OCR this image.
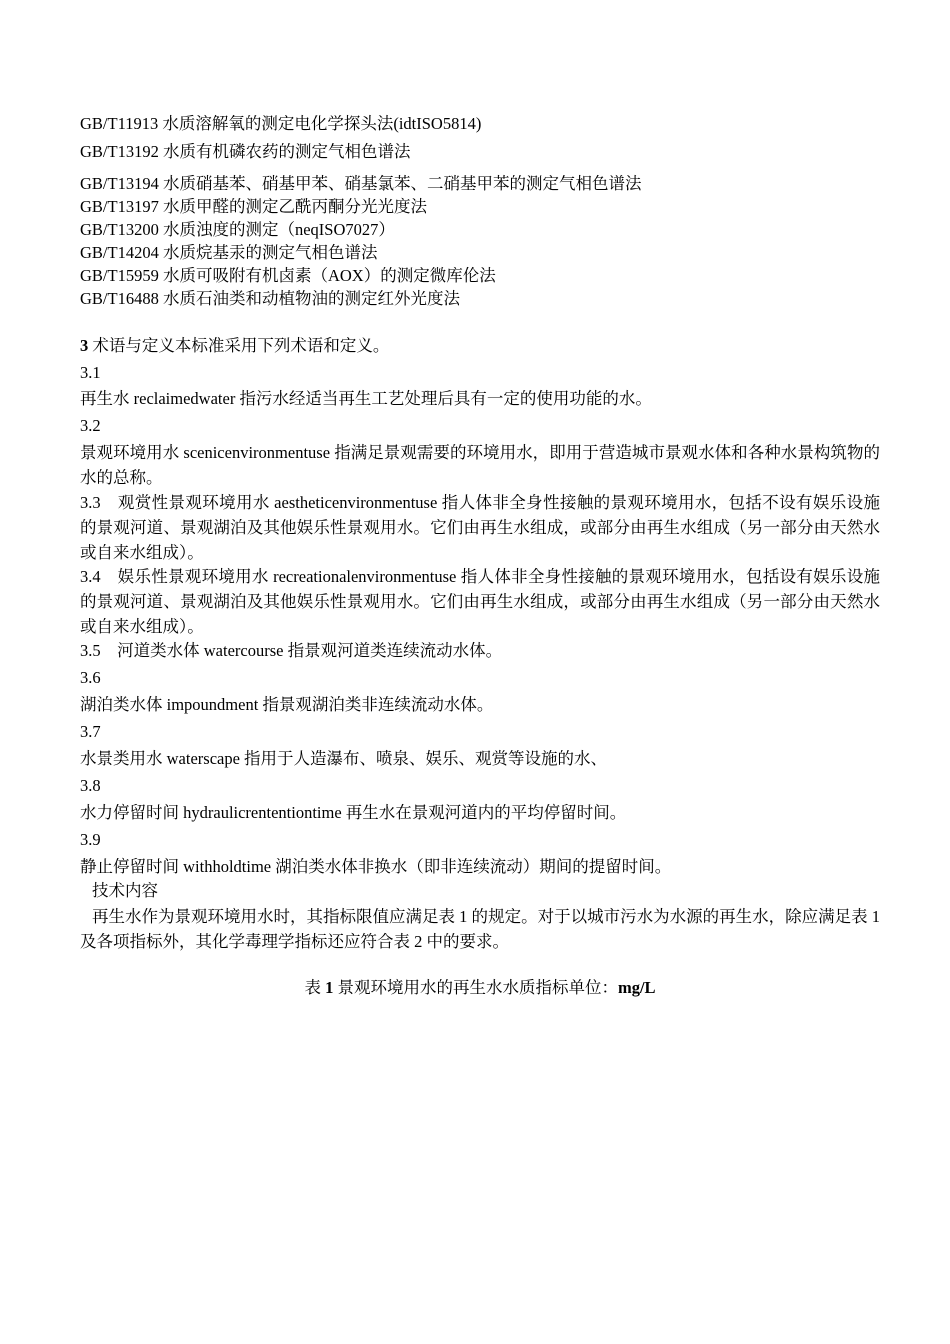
GB/T11913 水质溶解氧的测定电化学探头法(idtISO5814)
GB/T13192 水质有机磷农药的测定气相色谱法
GB/T13194 水质硝基苯、硝基甲苯、硝基氯苯、二硝基甲苯的测定气相色谱法
GB/T13197 水质甲醛的测定乙酰丙酮分光光度法
GB/T13200 水质浊度的测定（neqISO7027）
GB/T14204 水质烷基汞的测定气相色谱法
GB/T15959 水质可吸附有机卤素（AOX）的测定微库伦法
GB/T16488 水质石油类和动植物油的测定红外光度法
3 术语与定义本标准采用下列术语和定义。
3.1
再生水 reclaimedwater 指污水经适当再生工艺处理后具有一定的使用功能的水。
3.2
景观环境用水 scenicenvironmentuse 指满足景观需要的环境用水，即用于营造城市景观水体和各种水景构筑物的水的总称。
3.3　观赏性景观环境用水 aestheticenvironmentuse 指人体非全身性接触的景观环境用水，包括不设有娱乐设施的景观河道、景观湖泊及其他娱乐性景观用水。它们由再生水组成，或部分由再生水组成（另一部分由天然水或自来水组成）。
3.4　娱乐性景观环境用水 recreationalenvironmentuse 指人体非全身性接触的景观环境用水，包括设有娱乐设施的景观河道、景观湖泊及其他娱乐性景观用水。它们由再生水组成，或部分由再生水组成（另一部分由天然水或自来水组成）。
3.5　河道类水体 watercourse 指景观河道类连续流动水体。
3.6
湖泊类水体 impoundment 指景观湖泊类非连续流动水体。
3.7
水景类用水 waterscape 指用于人造瀑布、喷泉、娱乐、观赏等设施的水、
3.8
水力停留时间 hydraulicrententiontime 再生水在景观河道内的平均停留时间。
3.9
静止停留时间 withholdtime 湖泊类水体非换水（即非连续流动）期间的提留时间。
技术内容
再生水作为景观环境用水时，其指标限值应满足表 1 的规定。对于以城市污水为水源的再生水，除应满足表 1 及各项指标外，其化学毒理学指标还应符合表 2 中的要求。
表 1 景观环境用水的再生水水质指标单位：mg/L
